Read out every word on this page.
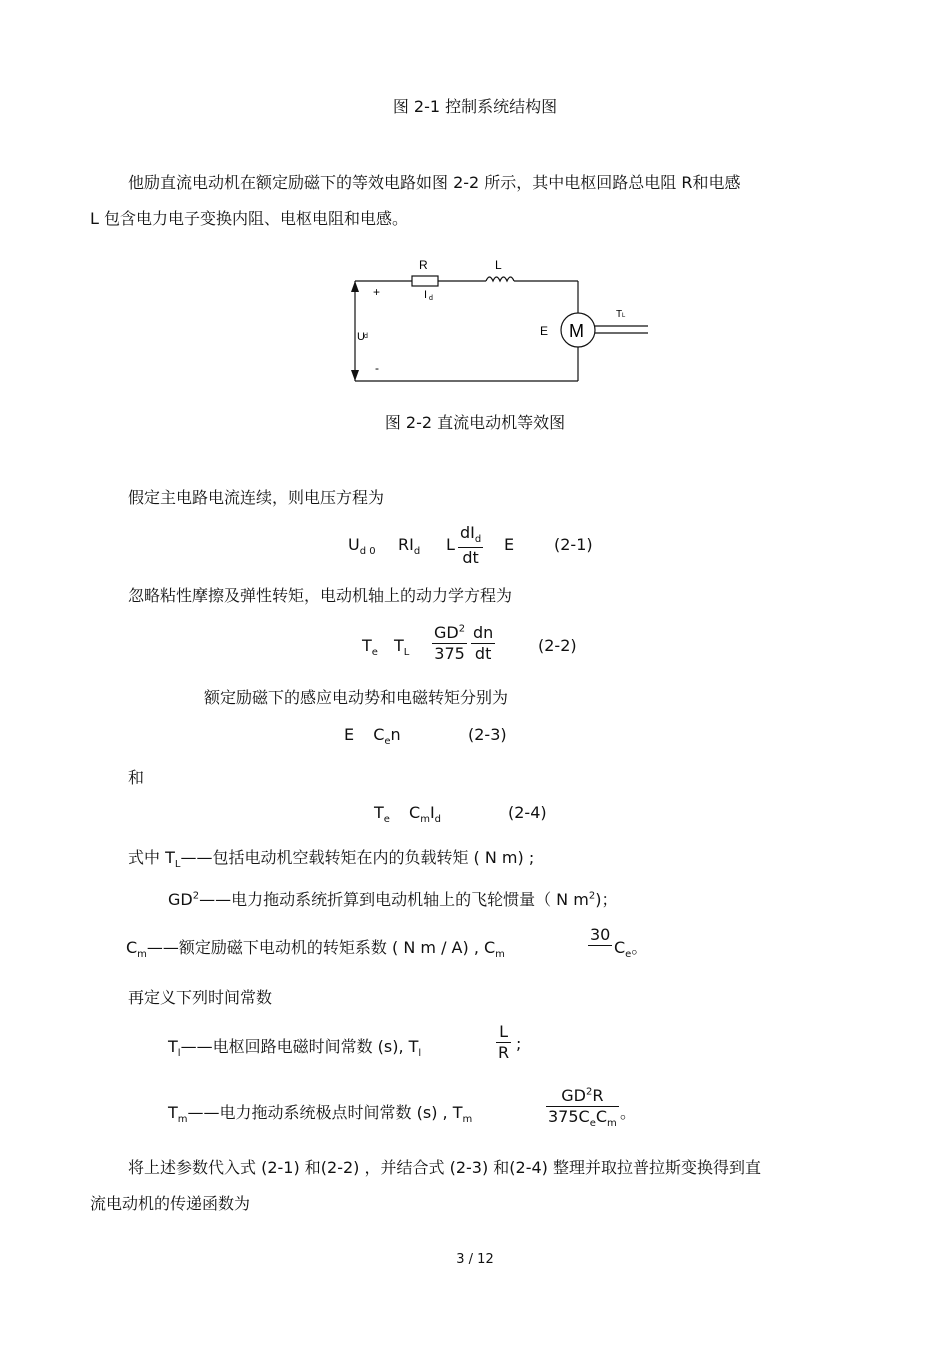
图 2-1 控制系统结构图
他励直流电动机在额定励磁下的等效电路如图 2-2 所示，其中电枢回路总电阻 R和电感
L 包含电力电子变换内阻、电枢电阻和电感。
R	L
I d
+
-
U d	E M
T L
图 2-2 直流电动机等效图
假定主电路电流连续，则电压方程为
$U_{d 0}$ $RI_d$ L
$dI_d$
dt
E (2-1)
忽略粘性摩擦及弹性转矩，电动机轴上的动力学方程为
$T_e$ $T_L \frac{GD^2}{375} \frac{dn}{dt}$	(2-2)
额定励磁下的感应电动势和电磁转矩分别为
E $C_en$	(2-3)
和
$T_e$ $C_mI_d$	(2-4)
式中 $T_L——$包括电动机空载转矩在内的负载转矩 ( N m) ;
$GD^2——$电力拖动系统折算到电动机轴上的飞轮惯量（ N $m^2$)；
$C_m——$额定励磁下电动机的转矩系数 ( N m / A) , $C_m$
30

$C_e$。
再定义下列时间常数
$T_l——$电枢回路电磁时间常数 (s), $T_l$	$\frac{L}{R}$ ;
$T_m——$电力拖动系统极点时间常数 (s) , $T_m$
$GD^2R$
$375C_eC_m$
。
将上述参数代入式 (2-1) 和(2-2) ，并结合式 (2-3) 和(2-4) 整理并取拉普拉斯变换得到直
流电动机的传递函数为
3 / 12
